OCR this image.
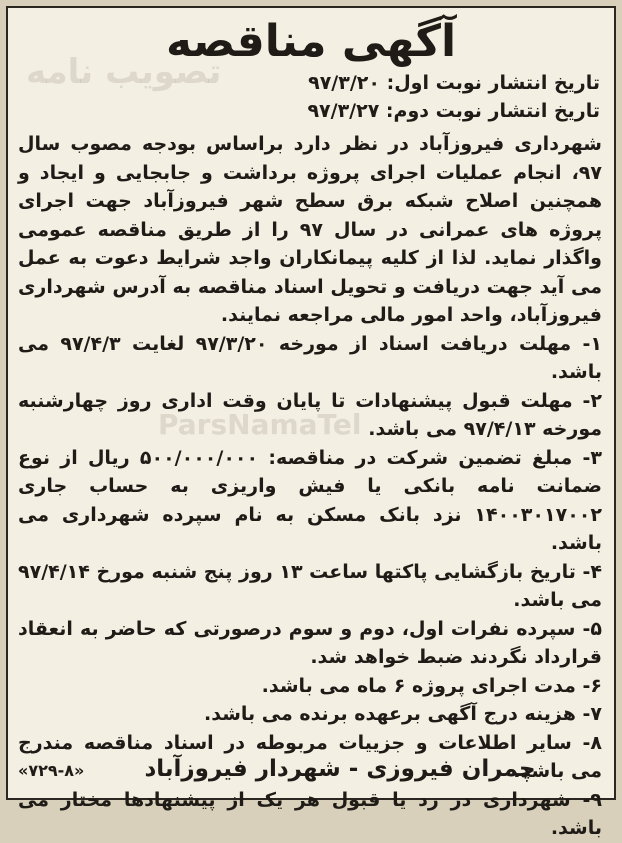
تصویب نامه
ParsNamaTel
آگهی مناقصه
تاریخ انتشار نوبت اول: ۹۷/۳/۲۰
تاریخ انتشار نوبت دوم: ۹۷/۳/۲۷

شهرداری فیروزآباد در نظر دارد براساس بودجه مصوب سال ۹۷، انجام عملیات اجرای پروژه برداشت و جابجایی و ایجاد و همچنین اصلاح شبکه برق سطح شهر فیروزآباد جهت اجرای پروژه های عمرانی در سال ۹۷ را از طریق مناقصه عمومی واگذار نماید. لذا از کلیه پیمانکاران واجد شرایط دعوت به عمل می آید جهت دریافت و تحویل اسناد مناقصه به آدرس شهرداری فیروزآباد، واحد امور مالی مراجعه نمایند.

۱- مهلت دریافت اسناد از مورخه ۹۷/۳/۲۰ لغایت ۹۷/۴/۳ می باشد.

۲- مهلت قبول پیشنهادات تا پایان وقت اداری روز چهارشنبه مورخه ۹۷/۴/۱۳ می باشد.

۳- مبلغ تضمین شرکت در مناقصه: ۵۰۰/۰۰۰/۰۰۰ ریال از نوع ضمانت نامه بانکی یا فیش واریزی به حساب جاری ۱۴۰۰۳۰۱۷۰۰۲ نزد بانک مسکن به نام سپرده شهرداری می باشد.

۴- تاریخ بازگشایی پاکتها ساعت ۱۳ روز پنج شنبه مورخ ۹۷/۴/۱۴ می باشد.

۵- سپرده نفرات اول، دوم و سوم درصورتی که حاضر به انعقاد قرارداد نگردند ضبط خواهد شد.

۶- مدت اجرای پروژه ۶ ماه می باشد.

۷- هزینه درج آگهی برعهده برنده می باشد.

۸- سایر اطلاعات و جزییات مربوطه در اسناد مناقصه مندرج می باشد.

۹- شهرداری در رد یا قبول هر یک از پیشنهادها مختار می باشد.

چمران فیروزی - شهردار فیروزآباد
«۷۲۹-۸»
